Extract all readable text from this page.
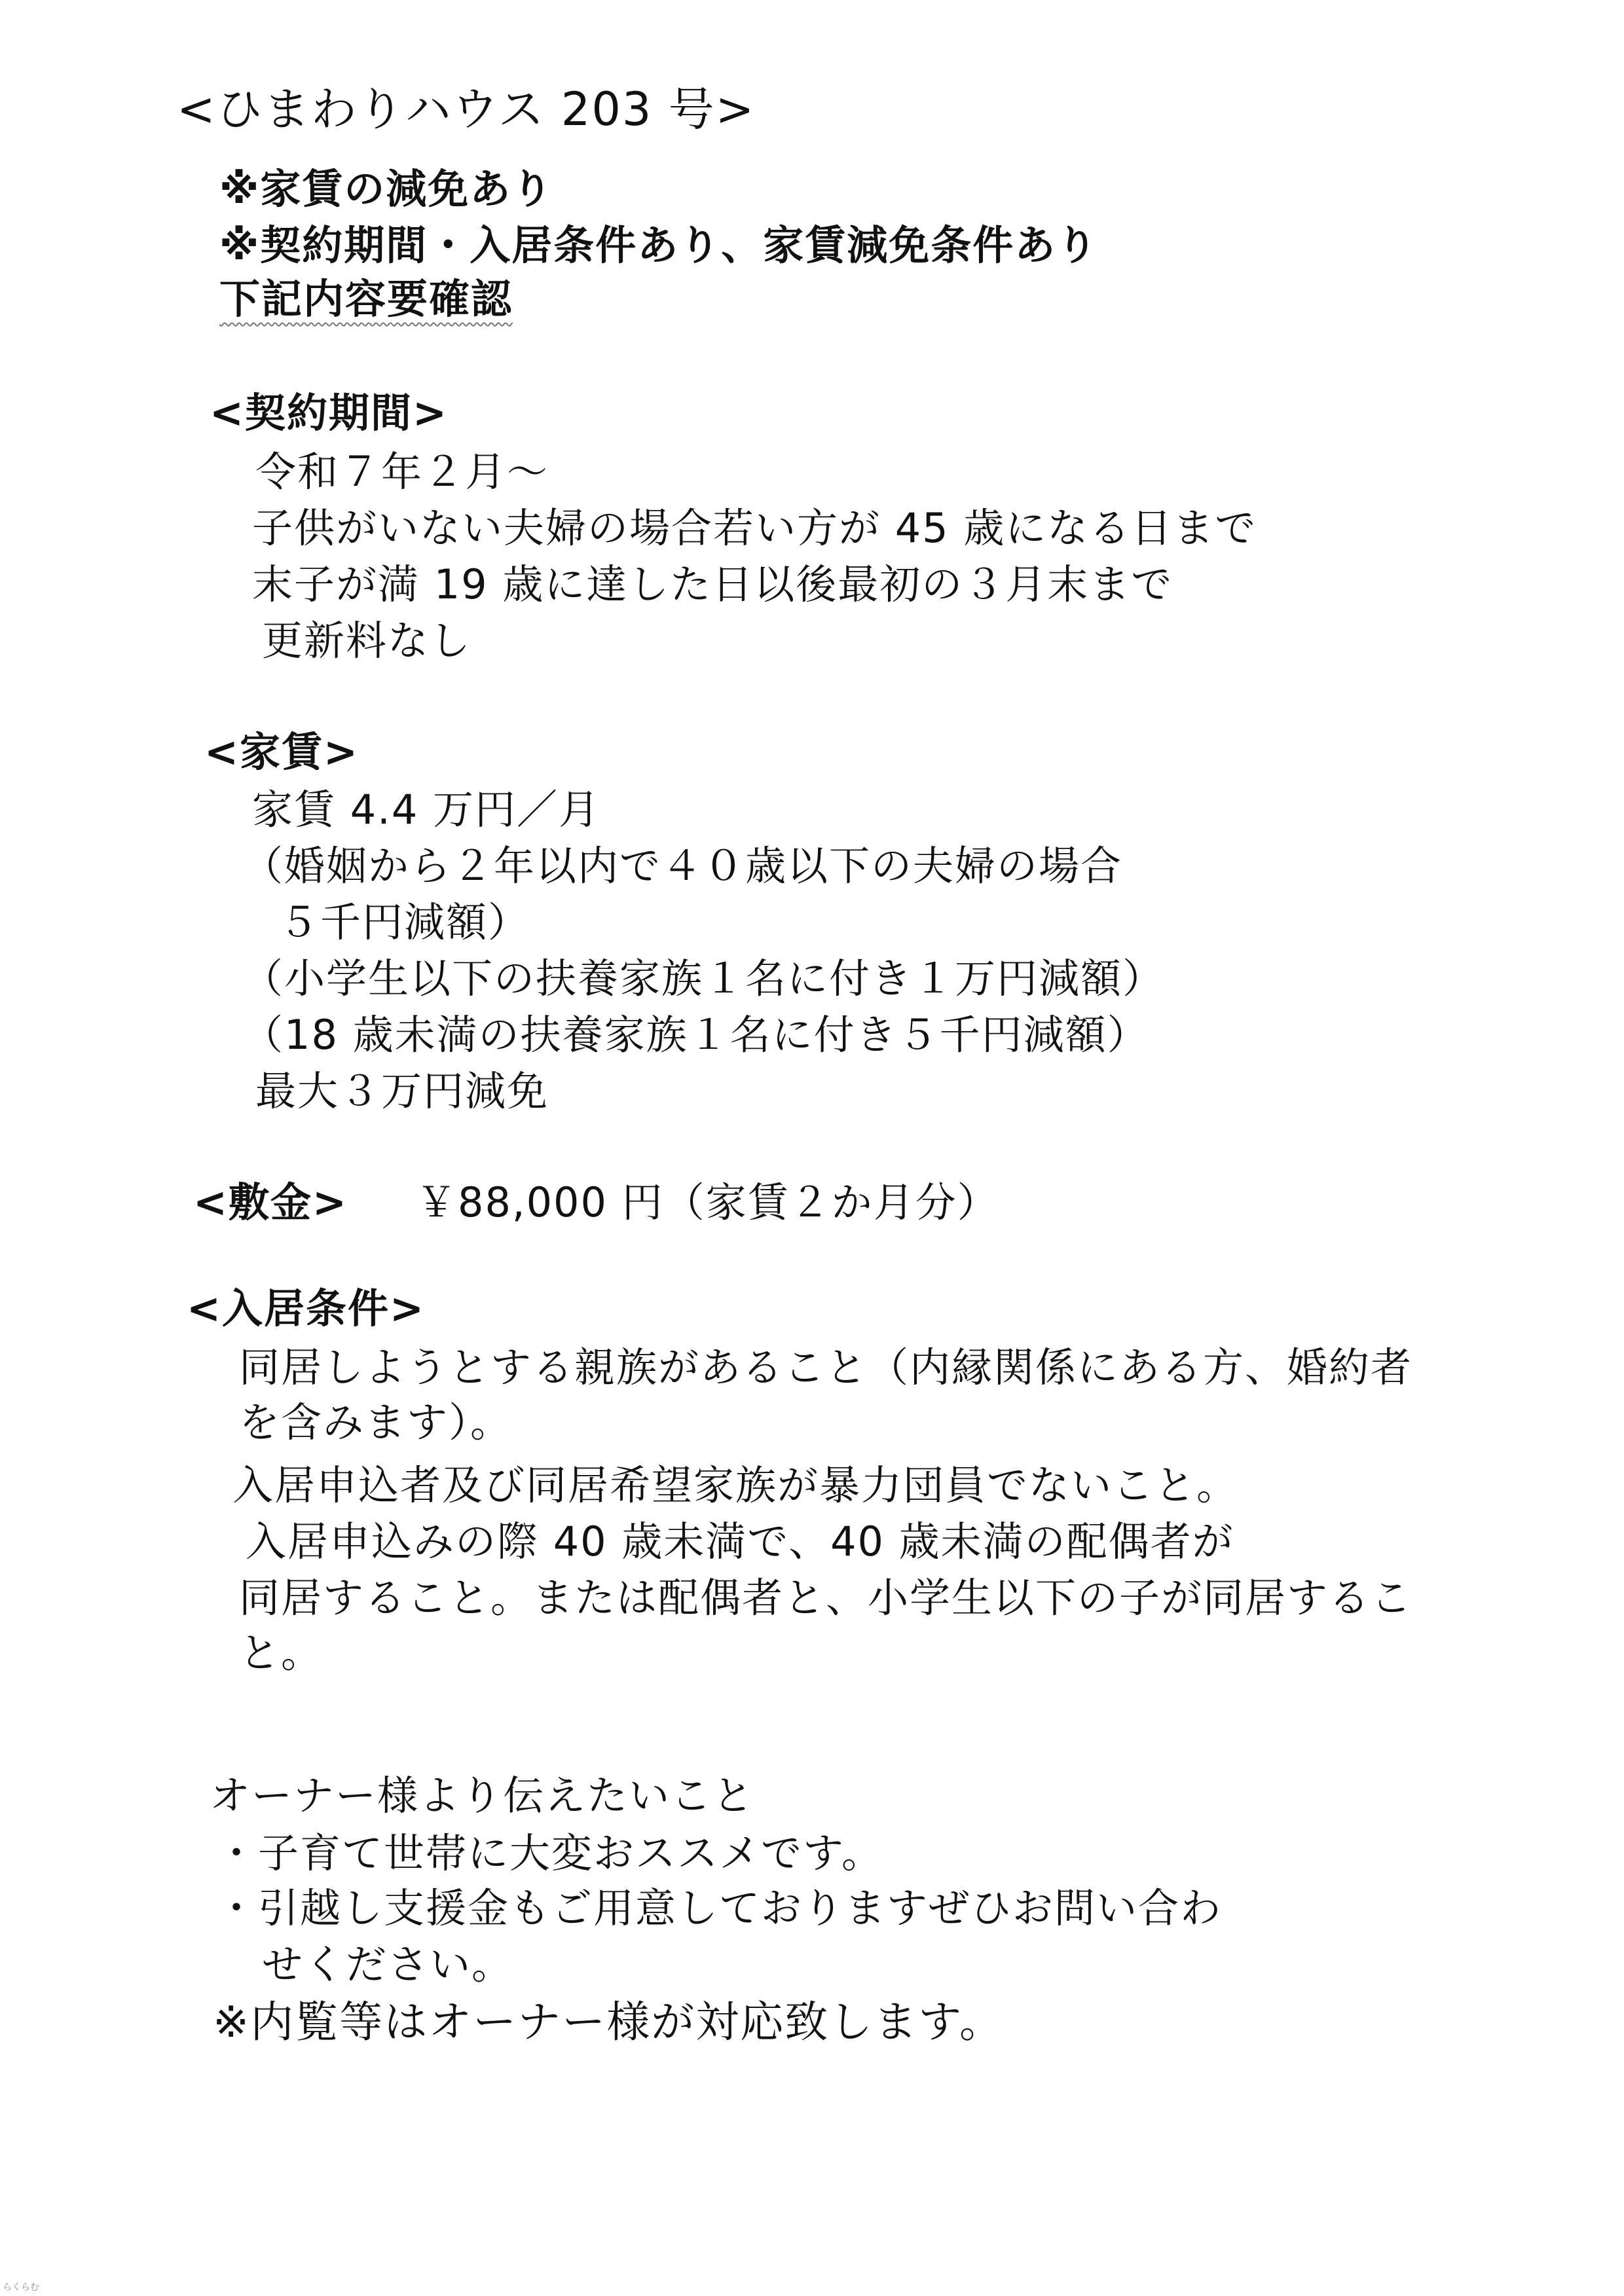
<ひまわりハウス 203 号>
※家賃の減免あり
※契約期間・入居条件あり、家賃減免条件あり
下記内容要確認
<契約期間>
令和７年２月～
子供がいない夫婦の場合若い方が 45 歳になる日まで
末子が満 19 歳に達した日以後最初の３月末まで
更新料なし
<家賃>
家賃 4.4 万円／月
（婚姻から２年以内で４０歳以下の夫婦の場合
５千円減額）
（小学生以下の扶養家族１名に付き１万円減額）
（18 歳未満の扶養家族１名に付き５千円減額）
最大３万円減免
<敷金> ￥88,000 円（家賃２か月分）
<入居条件>
同居しようとする親族があること（内縁関係にある方、婚約者
を含みます）。
入居申込者及び同居希望家族が暴力団員でないこと。
入居申込みの際 40 歳未満で、40 歳未満の配偶者が
同居すること。または配偶者と、小学生以下の子が同居するこ
と。
オーナー様より伝えたいこと
・子育て世帯に大変おススメです。
・引越し支援金もご用意しておりますぜひお問い合わ
せください。
※内覧等はオーナー様が対応致します。
らくらむ
